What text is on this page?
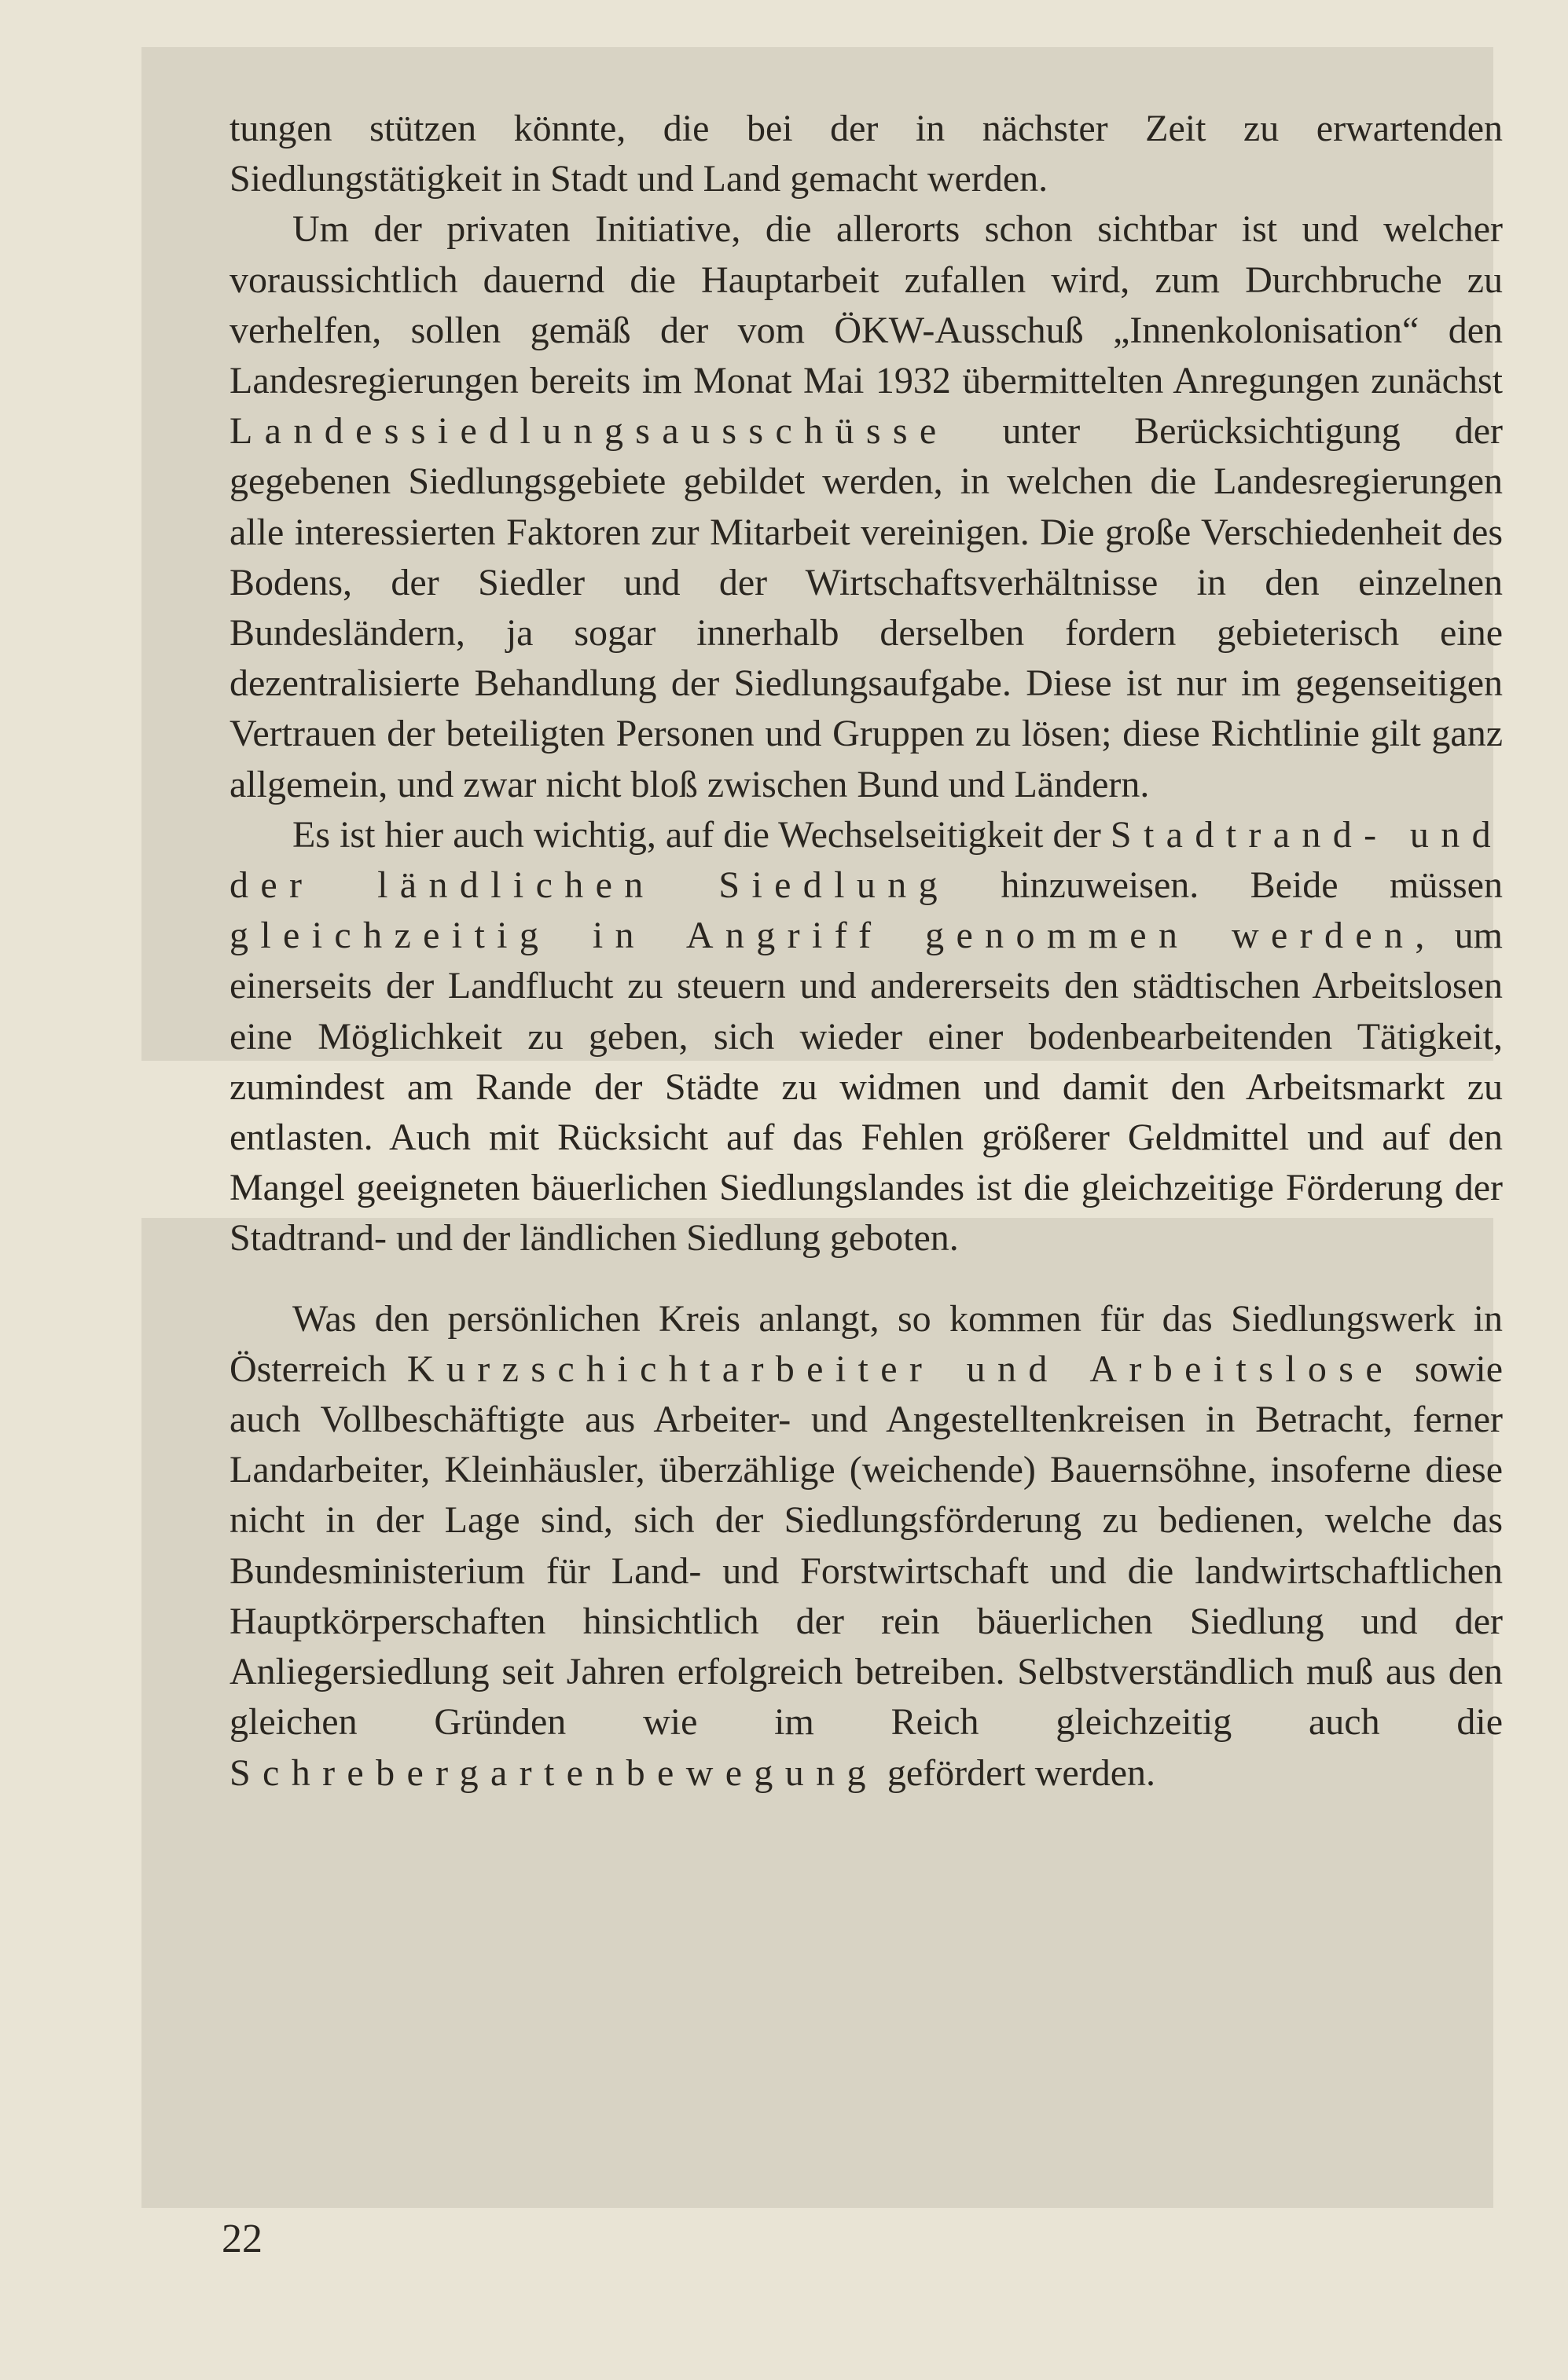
tungen stützen könnte, die bei der in nächster Zeit zu erwartenden Siedlungstätigkeit in Stadt und Land gemacht werden.

Um der privaten Initiative, die allerorts schon sichtbar ist und welcher voraussichtlich dauernd die Hauptarbeit zufallen wird, zum Durchbruche zu verhelfen, sollen gemäß der vom ÖKW-Ausschuß „Innenkolonisation“ den Landesregierungen bereits im Monat Mai 1932 übermittelten Anregungen zunächst Landessiedlungsausschüsse unter Berücksichtigung der gegebenen Siedlungsgebiete gebildet werden, in welchen die Landesregierungen alle interessierten Faktoren zur Mitarbeit vereinigen. Die große Verschiedenheit des Bodens, der Siedler und der Wirtschaftsverhältnisse in den einzelnen Bundesländern, ja sogar innerhalb derselben fordern gebieterisch eine dezentralisierte Behandlung der Siedlungsaufgabe. Diese ist nur im gegenseitigen Vertrauen der beteiligten Personen und Gruppen zu lösen; diese Richtlinie gilt ganz allgemein, und zwar nicht bloß zwischen Bund und Ländern.

Es ist hier auch wichtig, auf die Wechselseitigkeit der Stadtrand- und der ländlichen Siedlung hinzuweisen. Beide müssen gleichzeitig in Angriff genommen werden, um einerseits der Landflucht zu steuern und andererseits den städtischen Arbeitslosen eine Möglichkeit zu geben, sich wieder einer bodenbearbeitenden Tätigkeit, zumindest am Rande der Städte zu widmen und damit den Arbeitsmarkt zu entlasten. Auch mit Rücksicht auf das Fehlen größerer Geldmittel und auf den Mangel geeigneten bäuerlichen Siedlungslandes ist die gleichzeitige Förderung der Stadtrand- und der ländlichen Siedlung geboten.

Was den persönlichen Kreis anlangt, so kommen für das Siedlungswerk in Österreich Kurzschichtarbeiter und Arbeitslose sowie auch Vollbeschäftigte aus Arbeiter- und Angestelltenkreisen in Betracht, ferner Landarbeiter, Kleinhäusler, überzählige (weichende) Bauernsöhne, insoferne diese nicht in der Lage sind, sich der Siedlungsförderung zu bedienen, welche das Bundesministerium für Land- und Forstwirtschaft und die landwirtschaftlichen Hauptkörperschaften hinsichtlich der rein bäuerlichen Siedlung und der Anliegersiedlung seit Jahren erfolgreich betreiben. Selbstverständlich muß aus den gleichen Gründen wie im Reich gleichzeitig auch die Schrebergartenbewegung gefördert werden.

22
